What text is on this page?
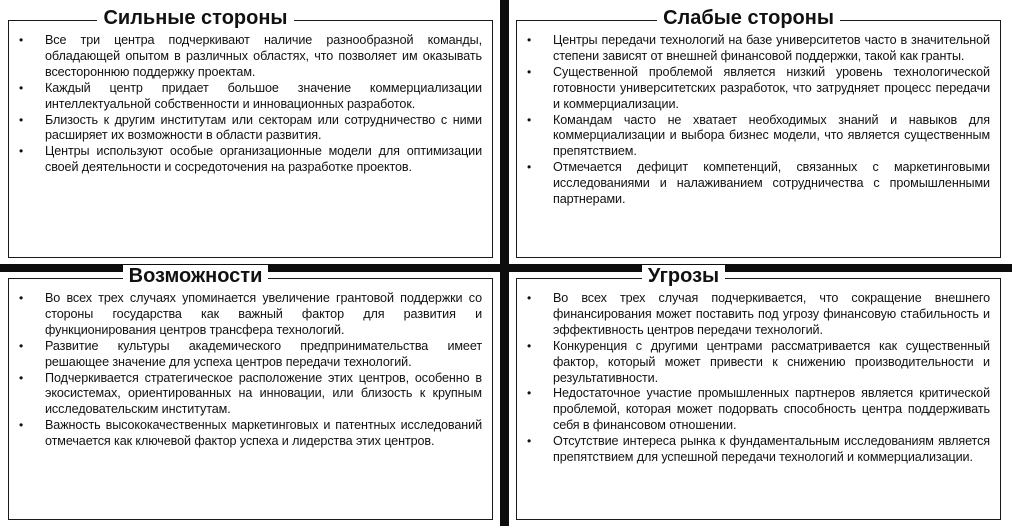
Сильные стороны
• Все три центра подчеркивают наличие разнообразной команды, обладающей опытом в различных областях, что позволяет им оказывать всестороннюю поддержку проектам.
• Каждый центр придает большое значение коммерциализации интеллектуальной собственности и инновационных разработок.
• Близость к другим институтам или секторам или сотрудничество с ними расширяет их возможности в области развития.
• Центры используют особые организационные модели для оптимизации своей деятельности и сосредоточения на разработке проектов.
Слабые стороны
• Центры передачи технологий на базе университетов часто в значительной степени зависят от внешней финансовой поддержки, такой как гранты.
• Существенной проблемой является низкий уровень технологической готовности университетских разработок, что затрудняет процесс передачи и коммерциализации.
• Командам часто не хватает необходимых знаний и навыков для коммерциализации и выбора бизнес модели, что является существенным препятствием.
• Отмечается дефицит компетенций, связанных с маркетинговыми исследованиями и налаживанием сотрудничества с промышленными партнерами.
Возможности
• Во всех трех случаях упоминается увеличение грантовой поддержки со стороны государства как важный фактор для развития и функционирования центров трансфера технологий.
• Развитие культуры академического предпринимательства имеет решающее значение для успеха центров передачи технологий.
• Подчеркивается стратегическое расположение этих центров, особенно в экосистемах, ориентированных на инновации, или близость к крупным исследовательским институтам.
• Важность высококачественных маркетинговых и патентных исследований отмечается как ключевой фактор успеха и лидерства этих центров.
Угрозы
• Во всех трех случая подчеркивается, что сокращение внешнего финансирования может поставить под угрозу финансовую стабильность и эффективность центров передачи технологий.
• Конкуренция с другими центрами рассматривается как существенный фактор, который может привести к снижению производительности и результативности.
• Недостаточное участие промышленных партнеров является критической проблемой, которая может подорвать способность центра поддерживать себя в финансовом отношении.
• Отсутствие интереса рынка к фундаментальным исследованиям является препятствием для успешной передачи технологий и коммерциализации.
